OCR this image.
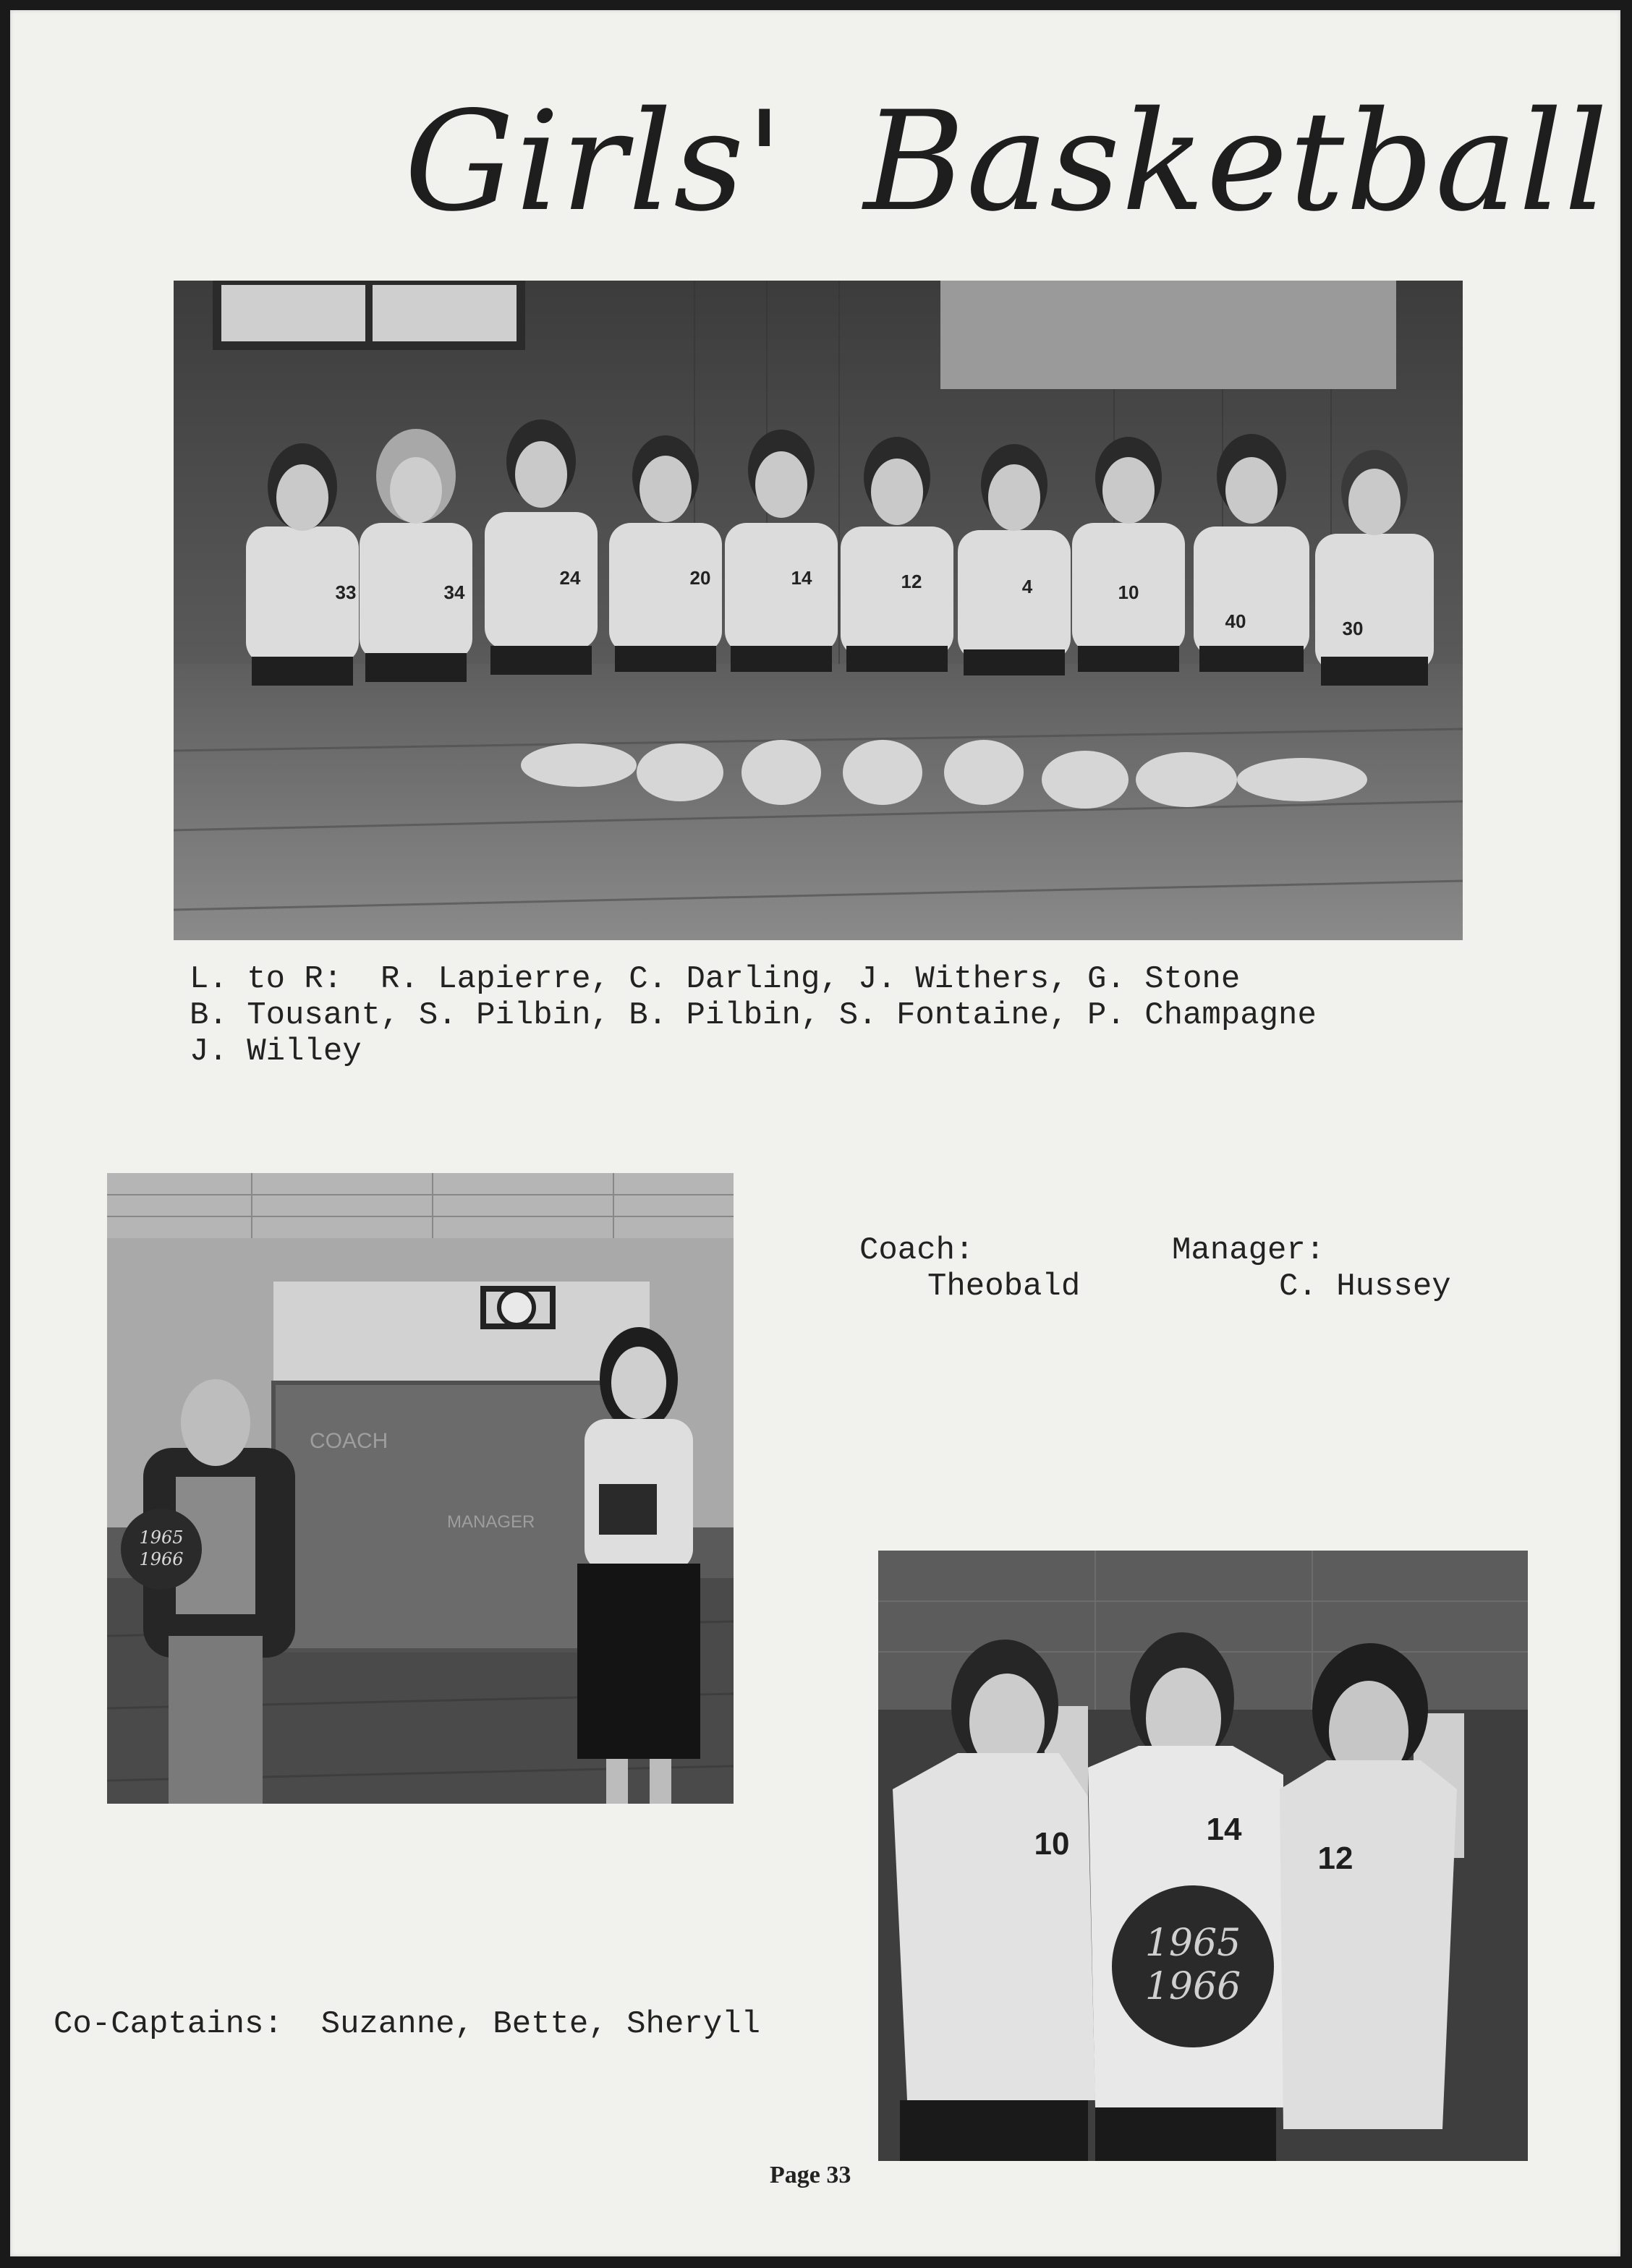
Girls' Basketball
33	34
24	20	14	12	4	10
40	30
L. to R:  R. Lapierre, C. Darling, J. Withers, G. Stone
B. Tousant, S. Pilbin, B. Pilbin, S. Fontaine, P. Champagne
J. Willey
COACH
MANAGER
1965
1966
Coach:
Theobald
Manager:
C. Hussey
10	14
12
1965
1966
Co-Captains: Suzanne, Bette, Sheryll
Page 33
